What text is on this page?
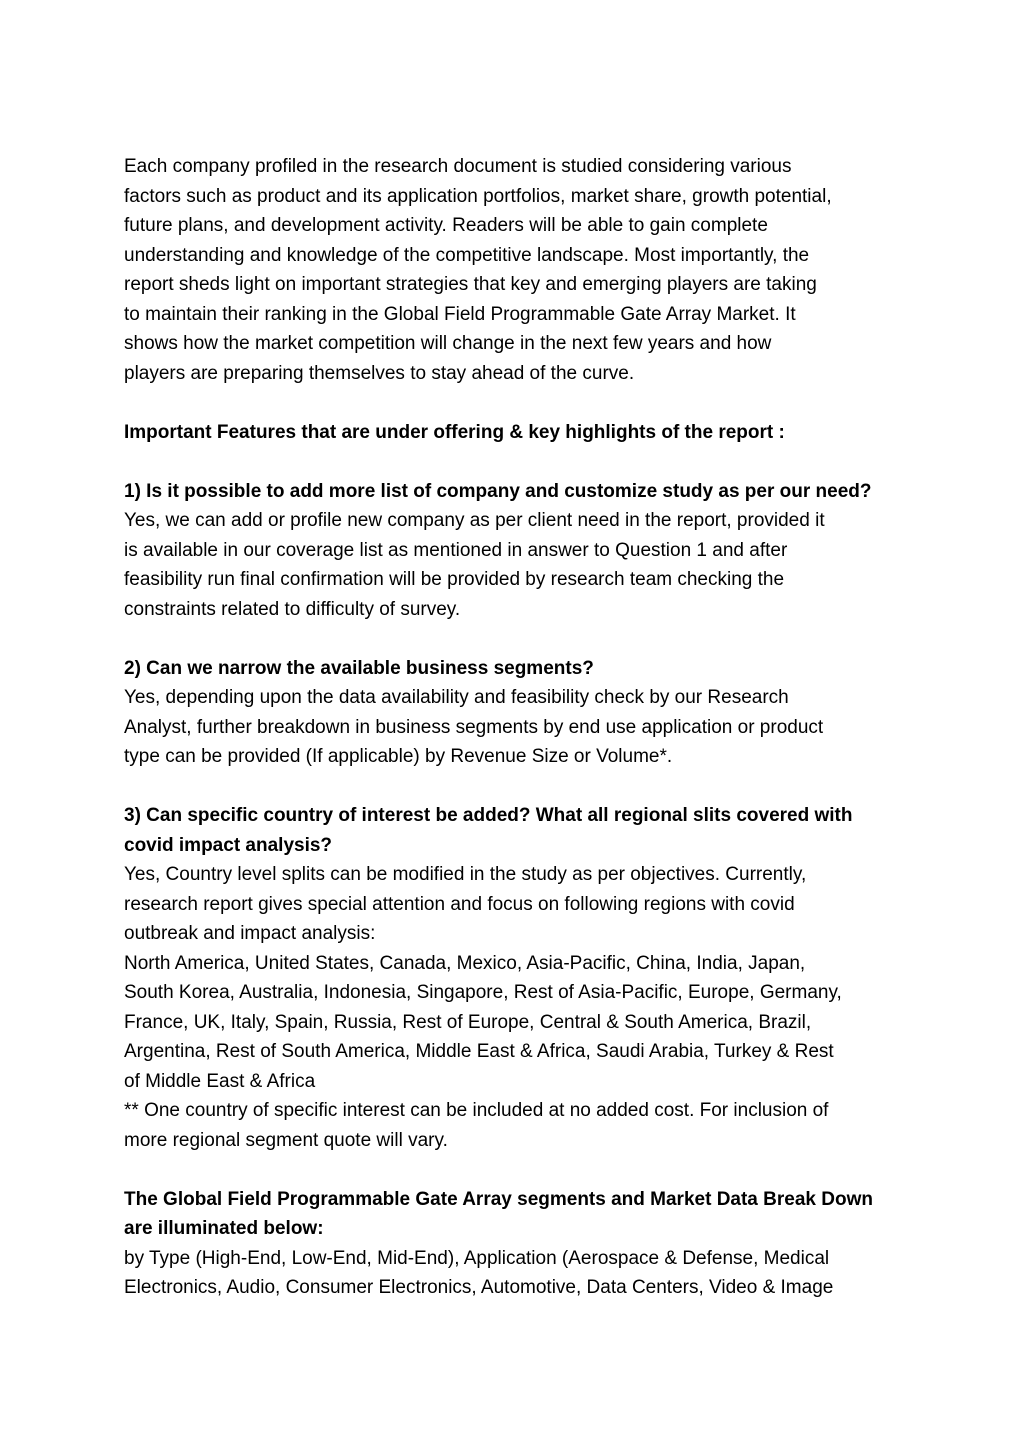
Each company profiled in the research document is studied considering various
factors such as product and its application portfolios, market share, growth potential,
future plans, and development activity. Readers will be able to gain complete
understanding and knowledge of the competitive landscape. Most importantly, the
report sheds light on important strategies that key and emerging players are taking
to maintain their ranking in the Global Field Programmable Gate Array Market. It
shows how the market competition will change in the next few years and how
players are preparing themselves to stay ahead of the curve.

Important Features that are under offering & key highlights of the report :

1) Is it possible to add more list of company and customize study as per our need?
Yes, we can add or profile new company as per client need in the report, provided it
is available in our coverage list as mentioned in answer to Question 1 and after
feasibility run final confirmation will be provided by research team checking the
constraints related to difficulty of survey.

2) Can we narrow the available business segments?
Yes, depending upon the data availability and feasibility check by our Research
Analyst, further breakdown in business segments by end use application or product
type can be provided (If applicable) by Revenue Size or Volume*.

3) Can specific country of interest be added? What all regional slits covered with
covid impact analysis?
Yes, Country level splits can be modified in the study as per objectives. Currently,
research report gives special attention and focus on following regions with covid
outbreak and impact analysis:
North America, United States, Canada, Mexico, Asia-Pacific, China, India, Japan,
South Korea, Australia, Indonesia, Singapore, Rest of Asia-Pacific, Europe, Germany,
France, UK, Italy, Spain, Russia, Rest of Europe, Central & South America, Brazil,
Argentina, Rest of South America, Middle East & Africa, Saudi Arabia, Turkey & Rest
of Middle East & Africa
** One country of specific interest can be included at no added cost. For inclusion of
more regional segment quote will vary.

The Global Field Programmable Gate Array segments and Market Data Break Down
are illuminated below:
by Type (High-End, Low-End, Mid-End), Application (Aerospace & Defense, Medical
Electronics, Audio, Consumer Electronics, Automotive, Data Centers, Video & Image
